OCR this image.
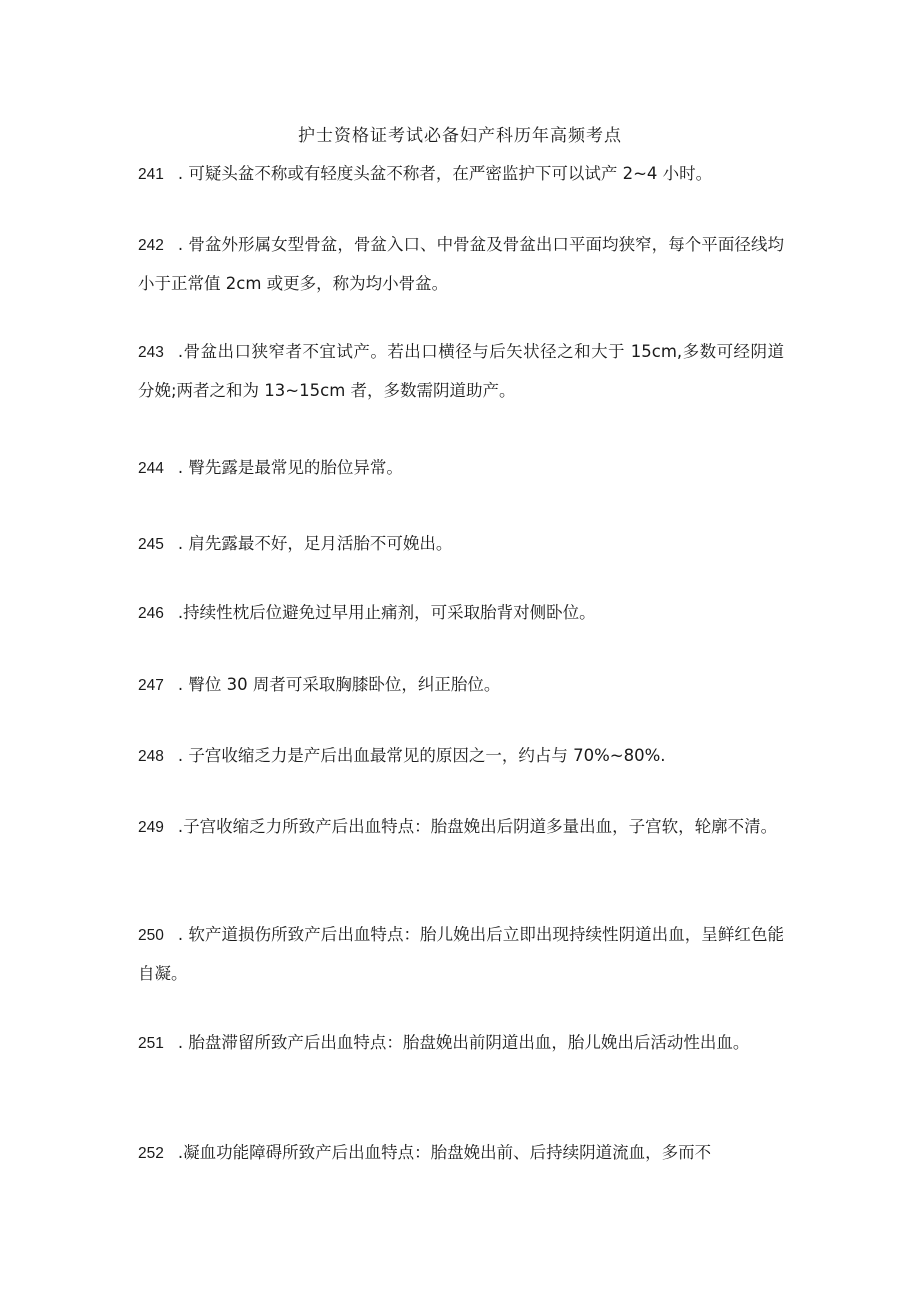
护士资格证考试必备妇产科历年高频考点
241 . 可疑头盆不称或有轻度头盆不称者，在严密监护下可以试产 2~4 小时。
242 . 骨盆外形属女型骨盆，骨盆入口、中骨盆及骨盆出口平面均狭窄，每个平面径线均小于正常值 2cm 或更多，称为均小骨盆。
243 .骨盆出口狭窄者不宜试产。若出口横径与后矢状径之和大于 15cm,多数可经阴道分娩;两者之和为 13~15cm 者，多数需阴道助产。
244 . 臀先露是最常见的胎位异常。
245 . 肩先露最不好，足月活胎不可娩出。
246 .持续性枕后位避免过早用止痛剂，可采取胎背对侧卧位。
247 . 臀位 30 周者可采取胸膝卧位，纠正胎位。
248 . 子宫收缩乏力是产后出血最常见的原因之一，约占与 70%~80%.
249 .子宫收缩乏力所致产后出血特点：胎盘娩出后阴道多量出血，子宫软，轮廓不清。
250 . 软产道损伤所致产后出血特点：胎儿娩出后立即出现持续性阴道出血，呈鲜红色能自凝。
251 . 胎盘滞留所致产后出血特点：胎盘娩出前阴道出血，胎儿娩出后活动性出血。
252 .凝血功能障碍所致产后出血特点：胎盘娩出前、后持续阴道流血，多而不
